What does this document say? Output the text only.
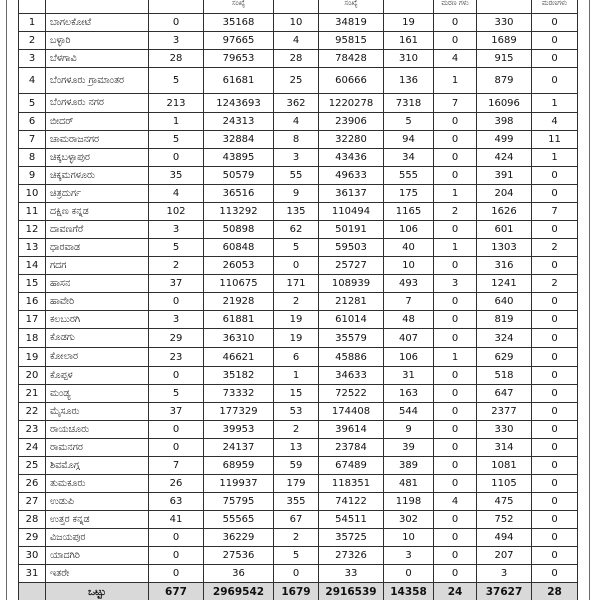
			ಸಂಖ್ಯೆ		ಸಂಖ್ಯೆ		ಮರಣ ಗಳು		ಮರಣಗಳು
1	ಬಾಗಲಕೋಟೆ	0	35168	10	34819	19	0	330	0
2	ಬಳ್ಳಾರಿ	3	97665	4	95815	161	0	1689	0
3	ಬೆಳಗಾವಿ	28	79653	28	78428	310	4	915	0
4	ಬೆಂಗಳೂರು ಗ್ರಾಮಾಂತರ	5	61681	25	60666	136	1	879	0
5	ಬೆಂಗಳೂರು ನಗರ	213	1243693	362	1220278	7318	7	16096	1
6	ಬೀದರ್	1	24313	4	23906	5	0	398	4
7	ಚಾಮರಾಜನಗರ	5	32884	8	32280	94	0	499	11
8	ಚಿಕ್ಕಬಳ್ಳಾಪುರ	0	43895	3	43436	34	0	424	1
9	ಚಿಕ್ಕಮಗಳೂರು	35	50579	55	49633	555	0	391	0
10	ಚಿತ್ರದುರ್ಗ	4	36516	9	36137	175	1	204	0
11	ದಕ್ಷಿಣ ಕನ್ನಡ	102	113292	135	110494	1165	2	1626	7
12	ದಾವಣಗೆರೆ	3	50898	62	50191	106	0	601	0
13	ಧಾರವಾಡ	5	60848	5	59503	40	1	1303	2
14	ಗದಗ	2	26053	0	25727	10	0	316	0
15	ಹಾಸನ	37	110675	171	108939	493	3	1241	2
16	ಹಾವೇರಿ	0	21928	2	21281	7	0	640	0
17	ಕಲಬುರಗಿ	3	61881	19	61014	48	0	819	0
18	ಕೊಡಗು	29	36310	19	35579	407	0	324	0
19	ಕೋಲಾರ	23	46621	6	45886	106	1	629	0
20	ಕೊಪ್ಪಳ	0	35182	1	34633	31	0	518	0
21	ಮಂಡ್ಯ	5	73332	15	72522	163	0	647	0
22	ಮೈಸೂರು	37	177329	53	174408	544	0	2377	0
23	ರಾಯಚೂರು	0	39953	2	39614	9	0	330	0
24	ರಾಮನಗರ	0	24137	13	23784	39	0	314	0
25	ಶಿವಮೊಗ್ಗ	7	68959	59	67489	389	0	1081	0
26	ತುಮಕೂರು	26	119937	179	118351	481	0	1105	0
27	ಉಡುಪಿ	63	75795	355	74122	1198	4	475	0
28	ಉತ್ತರ ಕನ್ನಡ	41	55565	67	54511	302	0	752	0
29	ವಿಜಯಪುರ	0	36229	2	35725	10	0	494	0
30	ಯಾದಗಿರಿ	0	27536	5	27326	3	0	207	0
31	ಇತರೇ	0	36	0	33	0	0	3	0
	ಒಟ್ಟು	677	2969542	1679	2916539	14358	24	37627	28
